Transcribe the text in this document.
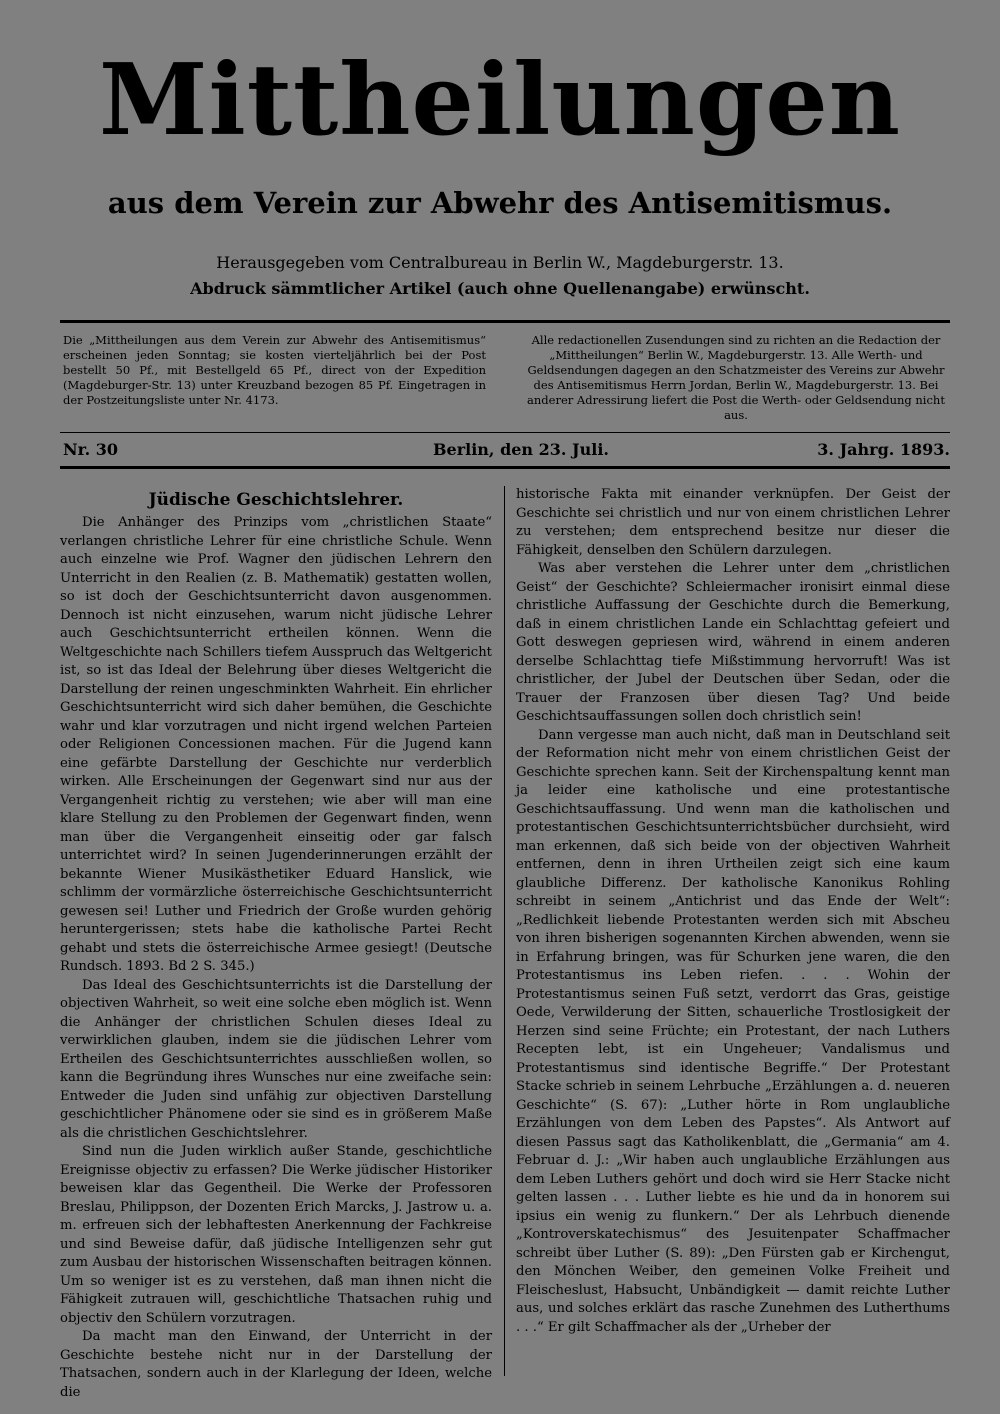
Mittheilungen
aus dem Verein zur Abwehr des Antisemitismus.
Herausgegeben vom Centralbureau in Berlin W., Magdeburgerstr. 13.
Abdruck sämmtlicher Artikel (auch ohne Quellenangabe) erwünscht.
Die „Mittheilungen aus dem Verein zur Abwehr des Antisemitismus“ erscheinen jeden Sonntag; sie kosten vierteljährlich bei der Post bestellt 50 Pf., mit Bestellgeld 65 Pf., direct von der Expedition (Magdeburger-Str. 13) unter Kreuzband bezogen 85 Pf. Eingetragen in der Postzeitungsliste unter Nr. 4173.
Alle redactionellen Zusendungen sind zu richten an die Redaction der „Mittheilungen“ Berlin W., Magdeburgerstr. 13. Alle Werth- und Geldsendungen dagegen an den Schatzmeister des Vereins zur Abwehr des Antisemitismus Herrn Jordan, Berlin W., Magdeburgerstr. 13. Bei anderer Adressirung liefert die Post die Werth- oder Geldsendung nicht aus.
Nr. 30	Berlin, den 23. Juli.	3. Jahrg. 1893.
Jüdische Geschichtslehrer.

Die Anhänger des Prinzips vom „christlichen Staate“ verlangen christliche Lehrer für eine christliche Schule. Wenn auch einzelne wie Prof. Wagner den jüdischen Lehrern den Unterricht in den Realien (z. B. Mathematik) gestatten wollen, so ist doch der Geschichtsunterricht davon ausgenommen. Dennoch ist nicht einzusehen, warum nicht jüdische Lehrer auch Geschichtsunterricht ertheilen können. Wenn die Weltgeschichte nach Schillers tiefem Ausspruch das Weltgericht ist, so ist das Ideal der Belehrung über dieses Weltgericht die Darstellung der reinen ungeschminkten Wahrheit. Ein ehrlicher Geschichtsunterricht wird sich daher bemühen, die Geschichte wahr und klar vorzutragen und nicht irgend welchen Parteien oder Religionen Concessionen machen. Für die Jugend kann eine gefärbte Darstellung der Geschichte nur verderblich wirken. Alle Erscheinungen der Gegenwart sind nur aus der Vergangenheit richtig zu verstehen; wie aber will man eine klare Stellung zu den Problemen der Gegenwart finden, wenn man über die Vergangenheit einseitig oder gar falsch unterrichtet wird? In seinen Jugenderinnerungen erzählt der bekannte Wiener Musikästhetiker Eduard Hanslick, wie schlimm der vormärzliche österreichische Geschichtsunterricht gewesen sei! Luther und Friedrich der Große wurden gehörig heruntergerissen; stets habe die katholische Partei Recht gehabt und stets die österreichische Armee gesiegt! (Deutsche Rundsch. 1893. Bd 2 S. 345.)

Das Ideal des Geschichtsunterrichts ist die Darstellung der objectiven Wahrheit, so weit eine solche eben möglich ist. Wenn die Anhänger der christlichen Schulen dieses Ideal zu verwirklichen glauben, indem sie die jüdischen Lehrer vom Ertheilen des Geschichtsunterrichtes ausschließen wollen, so kann die Begründung ihres Wunsches nur eine zweifache sein: Entweder die Juden sind unfähig zur objectiven Darstellung geschichtlicher Phänomene oder sie sind es in größerem Maße als die christlichen Geschichtslehrer.

Sind nun die Juden wirklich außer Stande, geschichtliche Ereignisse objectiv zu erfassen? Die Werke jüdischer Historiker beweisen klar das Gegentheil. Die Werke der Professoren Breslau, Philippson, der Dozenten Erich Marcks, J. Jastrow u. a. m. erfreuen sich der lebhaftesten Anerkennung der Fachkreise und sind Beweise dafür, daß jüdische Intelligenzen sehr gut zum Ausbau der historischen Wissenschaften beitragen können. Um so weniger ist es zu verstehen, daß man ihnen nicht die Fähigkeit zutrauen will, geschichtliche Thatsachen ruhig und objectiv den Schülern vorzutragen.

Da macht man den Einwand, der Unterricht in der Geschichte bestehe nicht nur in der Darstellung der Thatsachen, sondern auch in der Klarlegung der Ideen, welche die

historische Fakta mit einander verknüpfen. Der Geist der Geschichte sei christlich und nur von einem christlichen Lehrer zu verstehen; dem entsprechend besitze nur dieser die Fähigkeit, denselben den Schülern darzulegen.

Was aber verstehen die Lehrer unter dem „christlichen Geist“ der Geschichte? Schleiermacher ironisirt einmal diese christliche Auffassung der Geschichte durch die Bemerkung, daß in einem christlichen Lande ein Schlachttag gefeiert und Gott deswegen gepriesen wird, während in einem anderen derselbe Schlachttag tiefe Mißstimmung hervorruft! Was ist christlicher, der Jubel der Deutschen über Sedan, oder die Trauer der Franzosen über diesen Tag? Und beide Geschichtsauffassungen sollen doch christlich sein!

Dann vergesse man auch nicht, daß man in Deutschland seit der Reformation nicht mehr von einem christlichen Geist der Geschichte sprechen kann. Seit der Kirchenspaltung kennt man ja leider eine katholische und eine protestantische Geschichtsauffassung. Und wenn man die katholischen und protestantischen Geschichtsunterrichtsbücher durchsieht, wird man erkennen, daß sich beide von der objectiven Wahrheit entfernen, denn in ihren Urtheilen zeigt sich eine kaum glaubliche Differenz. Der katholische Kanonikus Rohling schreibt in seinem „Antichrist und das Ende der Welt“: „Redlichkeit liebende Protestanten werden sich mit Abscheu von ihren bisherigen sogenannten Kirchen abwenden, wenn sie in Erfahrung bringen, was für Schurken jene waren, die den Protestantismus ins Leben riefen. . . . Wohin der Protestantismus seinen Fuß setzt, verdorrt das Gras, geistige Oede, Verwilderung der Sitten, schauerliche Trostlosigkeit der Herzen sind seine Früchte; ein Protestant, der nach Luthers Recepten lebt, ist ein Ungeheuer; Vandalismus und Protestantismus sind identische Begriffe.“ Der Protestant Stacke schrieb in seinem Lehrbuche „Erzählungen a. d. neueren Geschichte“ (S. 67): „Luther hörte in Rom unglaubliche Erzählungen von dem Leben des Papstes“. Als Antwort auf diesen Passus sagt das Katholikenblatt, die „Germania“ am 4. Februar d. J.: „Wir haben auch unglaubliche Erzählungen aus dem Leben Luthers gehört und doch wird sie Herr Stacke nicht gelten lassen . . . Luther liebte es hie und da in honorem sui ipsius ein wenig zu flunkern.“ Der als Lehrbuch dienende „Kontroverskatechismus“ des Jesuitenpater Schaffmacher schreibt über Luther (S. 89): „Den Fürsten gab er Kirchengut, den Mönchen Weiber, den gemeinen Volke Freiheit und Fleischeslust, Habsucht, Unbändigkeit — damit reichte Luther aus, und solches erklärt das rasche Zunehmen des Lutherthums . . .“ Er gilt Schaffmacher als der „Urheber der
